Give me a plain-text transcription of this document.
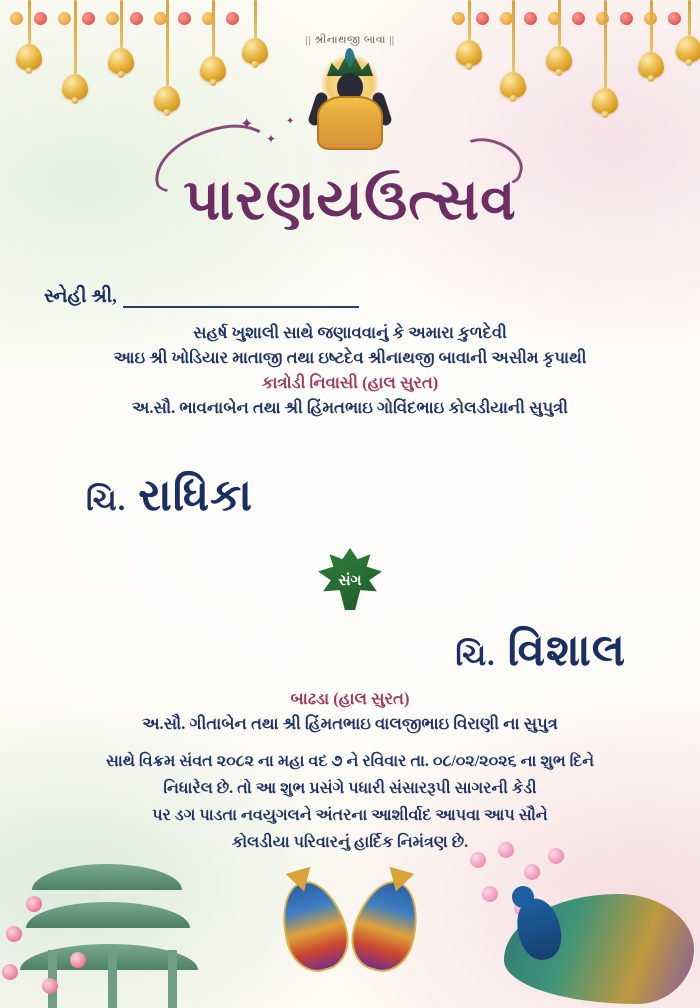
|| શ્રીનાથજી બાવા ||
✦
✦
✦
પારણયઉત્સવ
સ્નેહી શ્રી,
સહર્ષ ખુશાલી સાથે જણાવવાનું કે અમારા કુળદેવી
આઇ શ્રી ખોડિયાર માતાજી તથા ઇષ્ટદેવ શ્રીનાથજી બાવાની અસીમ કૃપાથી
કાત્રોડી નિવાસી (હાલ સુરત)
અ.સૌ. ભાવનાબેન તથા શ્રી હિંમતભાઇ ગોવિંદભાઇ કોલડીયાની સુપુત્રી
ચિ. રાધિકા
સંગ
ચિ. વિશાલ
બાઢડા (હાલ સુરત)
અ.સૌ. ગીતાબેન તથા શ્રી હિંમતભાઇ વાલજીભાઇ વિરાણી ના સુપુત્ર
સાથે વિક્રમ સંવત ૨૦૮૨ ના મહા વદ ૭ ને રવિવાર તા. ૦૮/૦૨/૨૦૨૬ ના શુભ દિને
નિધારેલ છે. તો આ શુભ પ્રસંગે પધારી સંસારરૂપી સાગરની કેડી
પર ડગ પાડતા નવયુગલને અંતરના આશીર્વાદ આપવા આપ સૌને
કોલડીયા પરિવારનું હાર્દિક નિમંત્રણ છે.
